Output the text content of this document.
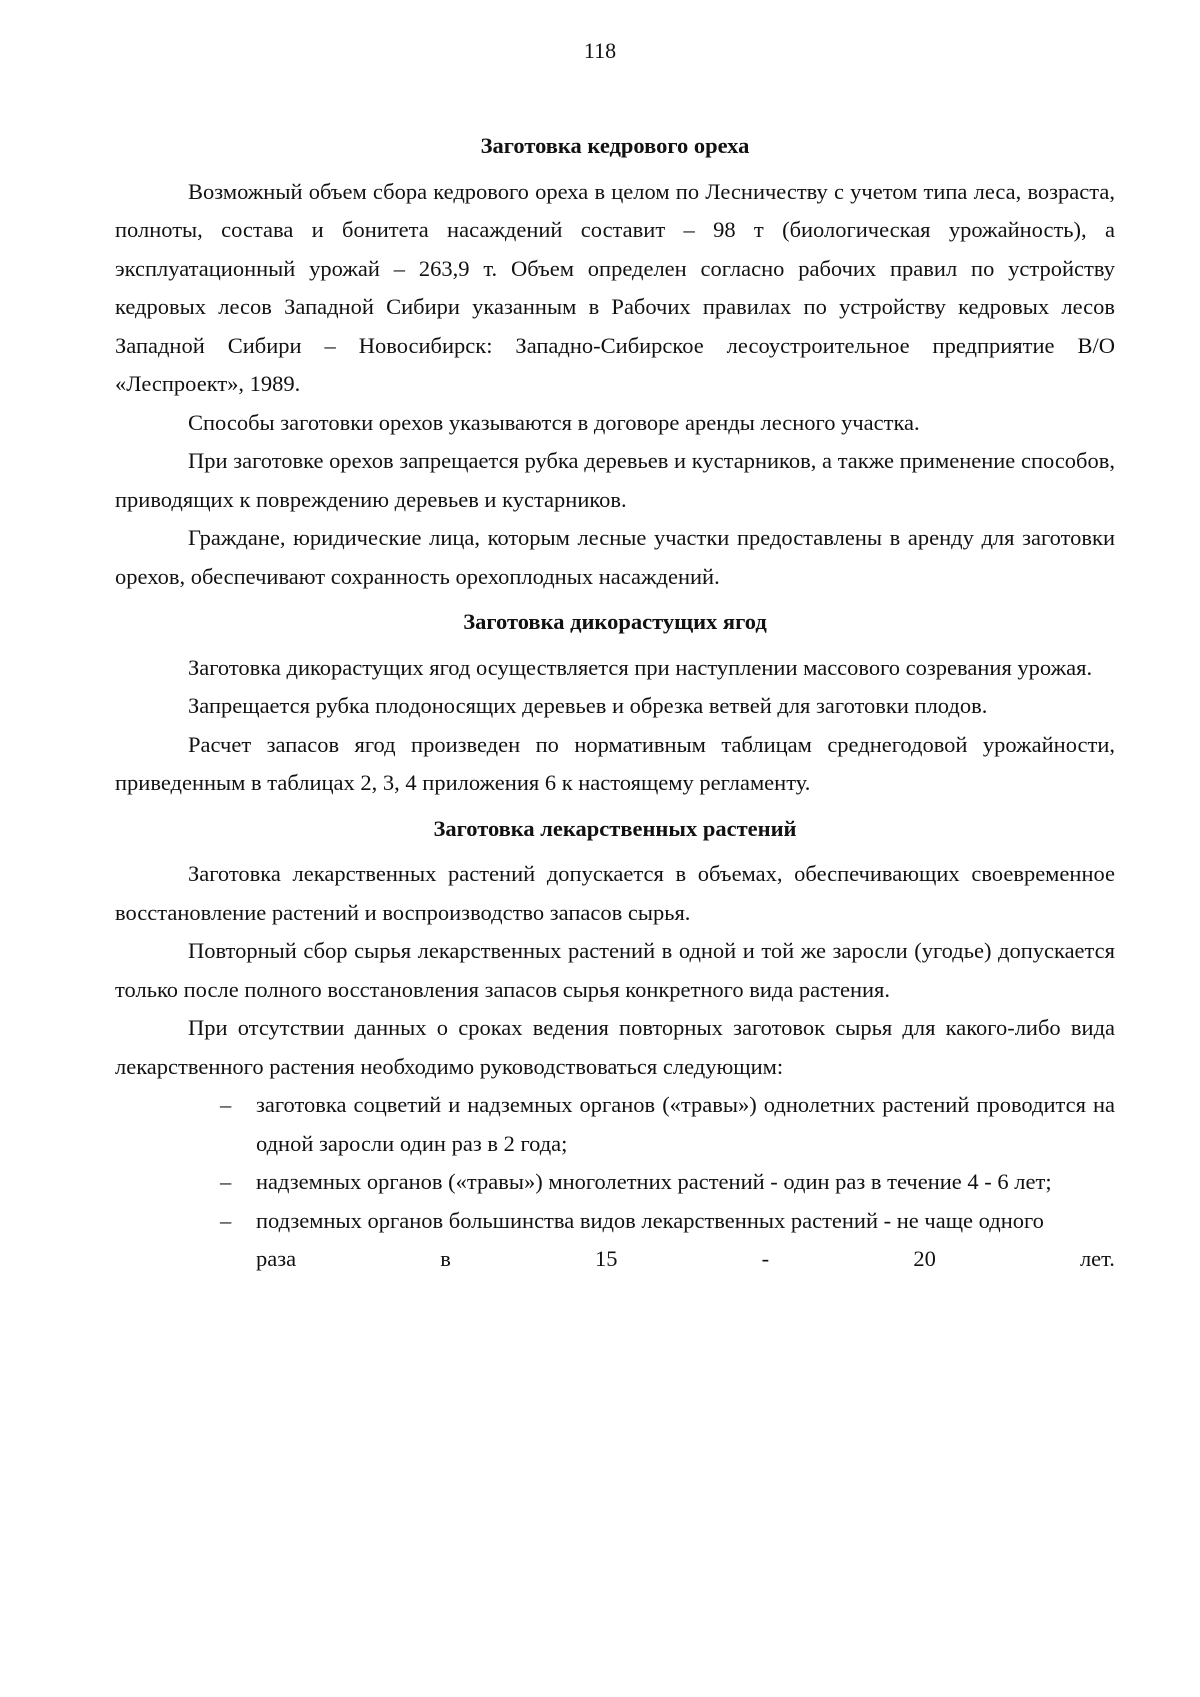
118
Заготовка кедрового ореха

Возможный объем сбора кедрового ореха в целом по Лесничеству с учетом типа леса, возраста, полноты, состава и бонитета насаждений составит – 98 т (биологическая урожайность), а эксплуатационный урожай – 263,9 т. Объем определен согласно рабочих правил по устройству кедровых лесов Западной Сибири указанным в Рабочих правилах по устройству кедровых лесов Западной Сибири – Новосибирск: Западно-Сибирское лесоустроительное предприятие В/О «Леспроект», 1989.

Способы заготовки орехов указываются в договоре аренды лесного участка.

При заготовке орехов запрещается рубка деревьев и кустарников, а также применение способов, приводящих к повреждению деревьев и кустарников.

Граждане, юридические лица, которым лесные участки предоставлены в аренду для заготовки орехов, обеспечивают сохранность орехоплодных насаждений.

Заготовка дикорастущих ягод

Заготовка дикорастущих ягод осуществляется при наступлении массового созревания урожая.

Запрещается рубка плодоносящих деревьев и обрезка ветвей для заготовки плодов.

Расчет запасов ягод произведен по нормативным таблицам среднегодовой урожайности, приведенным в таблицах 2, 3, 4 приложения 6 к настоящему регламенту.

Заготовка лекарственных растений

Заготовка лекарственных растений допускается в объемах, обеспечивающих своевременное восстановление растений и воспроизводство запасов сырья.

Повторный сбор сырья лекарственных растений в одной и той же заросли (угодье) допускается только после полного восстановления запасов сырья конкретного вида растения.

При отсутствии данных о сроках ведения повторных заготовок сырья для какого-либо вида лекарственного растения необходимо руководствоваться следующим:

– заготовка соцветий и надземных органов («травы») однолетних растений проводится на одной заросли один раз в 2 года;
– надземных органов («травы») многолетних растений - один раз в течение 4 - 6 лет;
– подземных органов большинства видов лекарственных растений - не чаще одного
раза	в	15	-	20	лет.
